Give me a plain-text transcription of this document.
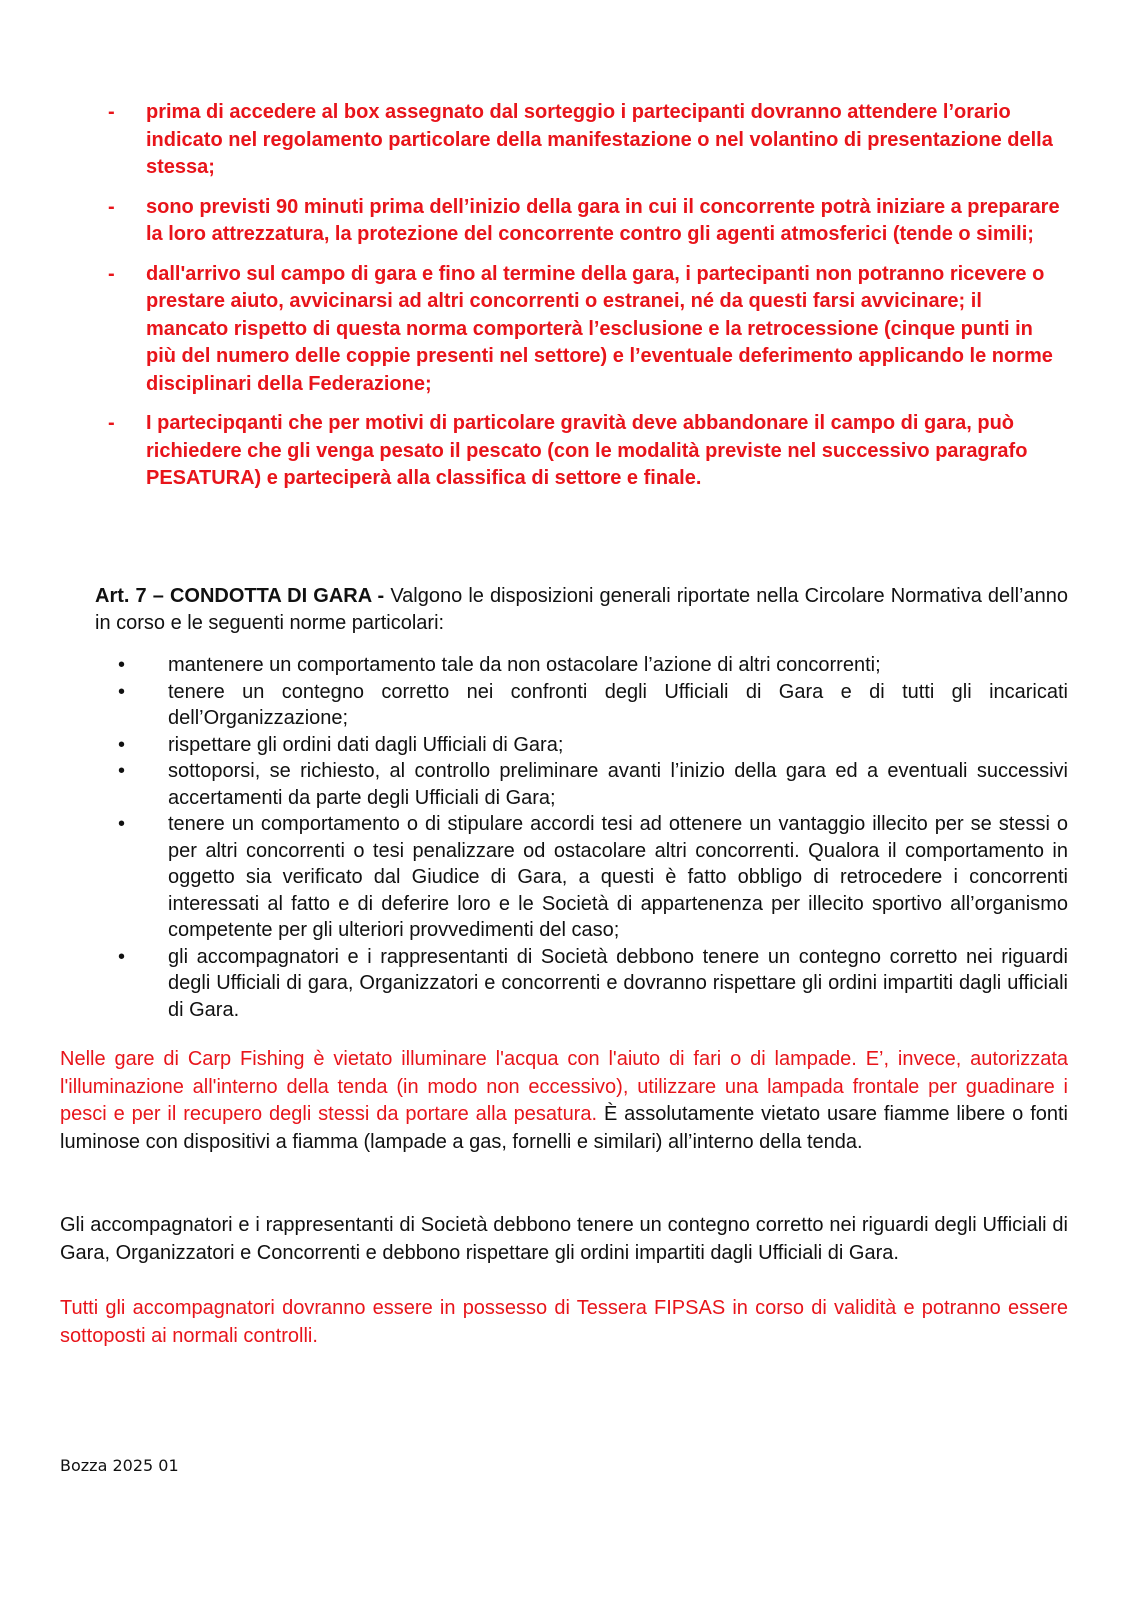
- prima di accedere al box assegnato dal sorteggio i partecipanti dovranno attendere l’orario indicato nel regolamento particolare della manifestazione o nel volantino di presentazione della stessa;
- sono previsti 90 minuti prima dell’inizio della gara in cui il concorrente potrà iniziare a preparare la loro attrezzatura, la protezione del concorrente contro gli agenti atmosferici (tende o simili;
- dall'arrivo sul campo di gara e fino al termine della gara, i partecipanti non potranno ricevere o prestare aiuto, avvicinarsi ad altri concorrenti o estranei, né da questi farsi avvicinare; il mancato rispetto di questa norma comporterà l’esclusione e la retrocessione (cinque punti in più del numero delle coppie presenti nel settore) e l’eventuale deferimento applicando le norme disciplinari della Federazione;
- I partecipqanti che per motivi di particolare gravità deve abbandonare il campo di gara, può richiedere che gli venga pesato il pescato (con le modalità previste nel successivo paragrafo PESATURA) e parteciperà alla classifica di settore e finale.

Art. 7 – CONDOTTA DI GARA - Valgono le disposizioni generali riportate nella Circolare Normativa dell’anno in corso e le seguenti norme particolari:

• mantenere un comportamento tale da non ostacolare l’azione di altri concorrenti;
• tenere un contegno corretto nei confronti degli Ufficiali di Gara e di tutti gli incaricati dell’Organizzazione;
• rispettare gli ordini dati dagli Ufficiali di Gara;
• sottoporsi, se richiesto, al controllo preliminare avanti l’inizio della gara ed a eventuali successivi accertamenti da parte degli Ufficiali di Gara;
• tenere un comportamento o di stipulare accordi tesi ad ottenere un vantaggio illecito per se stessi o per altri concorrenti o tesi penalizzare od ostacolare altri concorrenti. Qualora il comportamento in oggetto sia verificato dal Giudice di Gara, a questi è fatto obbligo di retrocedere i concorrenti interessati al fatto e di deferire loro e le Società di appartenenza per illecito sportivo all’organismo competente per gli ulteriori provvedimenti del caso;
• gli accompagnatori e i rappresentanti di Società debbono tenere un contegno corretto nei riguardi degli Ufficiali di gara, Organizzatori e concorrenti e dovranno rispettare gli ordini impartiti dagli ufficiali di Gara.

Nelle gare di Carp Fishing è vietato illuminare l'acqua con l'aiuto di fari o di lampade. E’, invece, autorizzata l'illuminazione all'interno della tenda (in modo non eccessivo), utilizzare una lampada frontale per guadinare i pesci e per il recupero degli stessi da portare alla pesatura. È assolutamente vietato usare fiamme libere o fonti luminose con dispositivi a fiamma (lampade a gas, fornelli e similari) all’interno della tenda.

Gli accompagnatori e i rappresentanti di Società debbono tenere un contegno corretto nei riguardi degli Ufficiali di Gara, Organizzatori e Concorrenti e debbono rispettare gli ordini impartiti dagli Ufficiali di Gara.

Tutti gli accompagnatori dovranno essere in possesso di Tessera FIPSAS in corso di validità e potranno essere sottoposti ai normali controlli.

Bozza 2025 01
